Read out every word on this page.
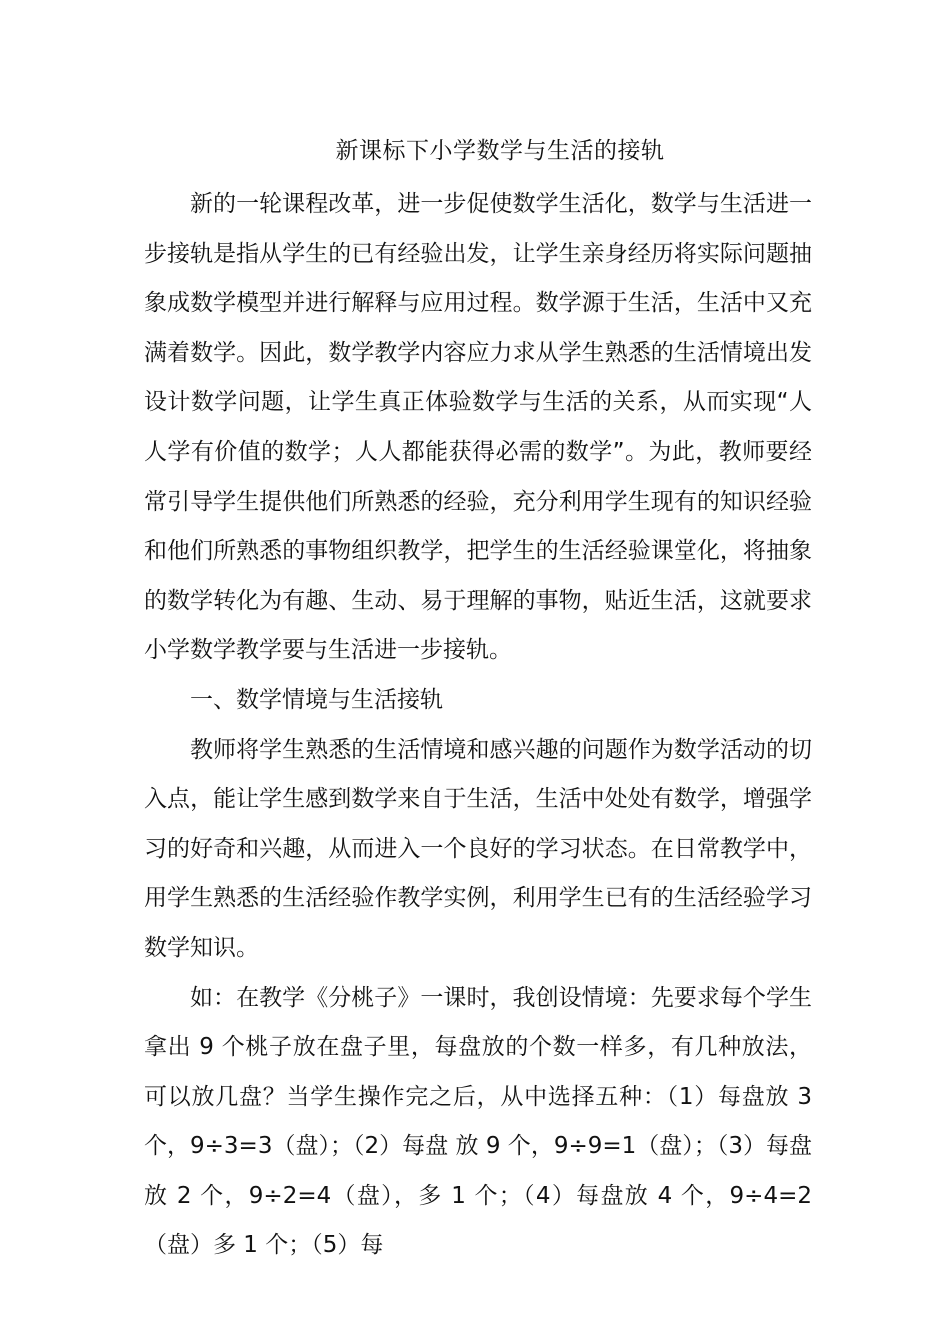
新课标下小学数学与生活的接轨

新的一轮课程改革，进一步促使数学生活化，数学与生活进一步接轨是指从学生的已有经验出发，让学生亲身经历将实际问题抽象成数学模型并进行解释与应用过程。数学源于生活，生活中又充满着数学。因此，数学教学内容应力求从学生熟悉的生活情境出发设计数学问题，让学生真正体验数学与生活的关系，从而实现“人人学有价值的数学；人人都能获得必需的数学”。为此，教师要经常引导学生提供他们所熟悉的经验，充分利用学生现有的知识经验和他们所熟悉的事物组织教学，把学生的生活经验课堂化，将抽象的数学转化为有趣、生动、易于理解的事物，贴近生活，这就要求小学数学教学要与生活进一步接轨。

一、数学情境与生活接轨

教师将学生熟悉的生活情境和感兴趣的问题作为数学活动的切入点，能让学生感到数学来自于生活，生活中处处有数学，增强学习的好奇和兴趣，从而进入一个良好的学习状态。在日常教学中，用学生熟悉的生活经验作教学实例，利用学生已有的生活经验学习数学知识。

如：在教学《分桃子》一课时，我创设情境：先要求每个学生拿出 9 个桃子放在盘子里，每盘放的个数一样多，有几种放法，可以放几盘？当学生操作完之后，从中选择五种：（1）每盘放 3 个，9÷3=3（盘）；（2）每盘 放 9 个，9÷9=1（盘）；（3）每盘放 2 个，9÷2=4（盘），多 1 个；（4）每盘放 4 个，9÷4=2（盘）多 1 个；（5）每
